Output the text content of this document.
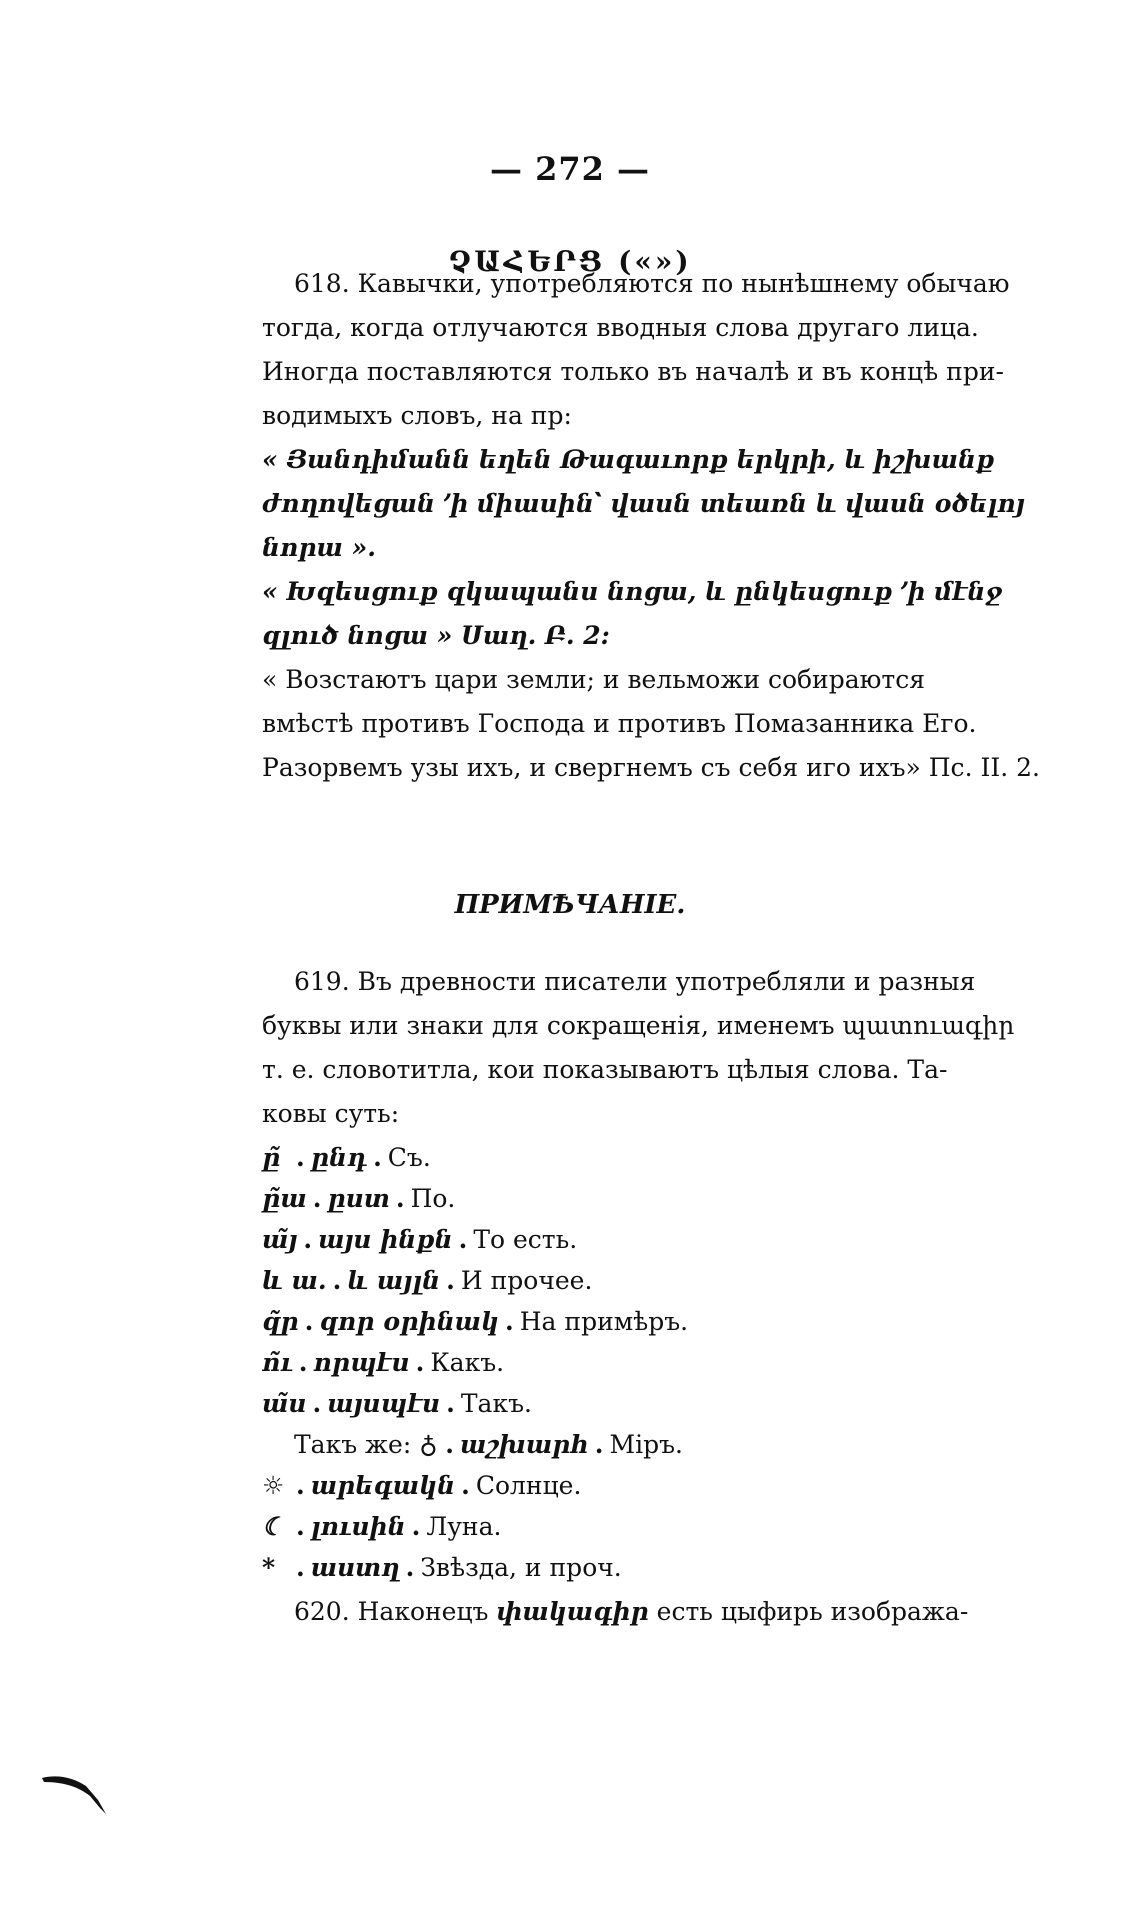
— 272 —
ՉԱՀԵՐՑ («»)
618. Кавычки, употребляются по нынѣшнему обычаю
тогда, когда отлучаются вводныя слова другаго лица.
Иногда поставляются только въ началѣ и въ концѣ при-
водимыхъ словъ, на пр:
« Յանդիմանն եղեն Թագաւորք երկրի, և իշխանք
ժողովեցան ՚ի միասին՝ վասն տեառն և վասն օծելոյ
նորա ».
« Խզեսցուք զկապանս նոցա, և ընկեսցուք ՚ի մէնջ
զլուծ նոցա » Սաղ. Բ. 2:
« Возстаютъ цари земли; и вельможи собираются
вмѣстѣ противъ Господа и противъ Помазанника Его.
Разорвемъ узы ихъ, и свергнемъ съ себя иго ихъ» Пс. II. 2.
ПРИМѢЧАНІЕ.
619. Въ древности писатели употребляли и разныя
буквы или знаки для сокращенія, именемъ պատուագիր
т. е. словотитла, кои показываютъ цѣлыя слова. Та-
ковы суть:
ը̃ . ընդ . Съ.
ը̃ա . ըստ . По.
ա̃յ . այս ինքն . То есть.
և ա. . և այլն . И прочее.
զ̃ր . զոր օրինակ . На примѣръ.
ո̃ւ . որպէս . Какъ.
ա̃ս . այսպէս . Такъ.
Такъ же: ♁ . աշխարհ . Міръ.
☼ . արեգակն . Солнце.
☾ . լուսին . Луна.
* . աստղ . Звѣзда, и проч.
620. Наконецъ փակագիր есть цыфирь изобража-
